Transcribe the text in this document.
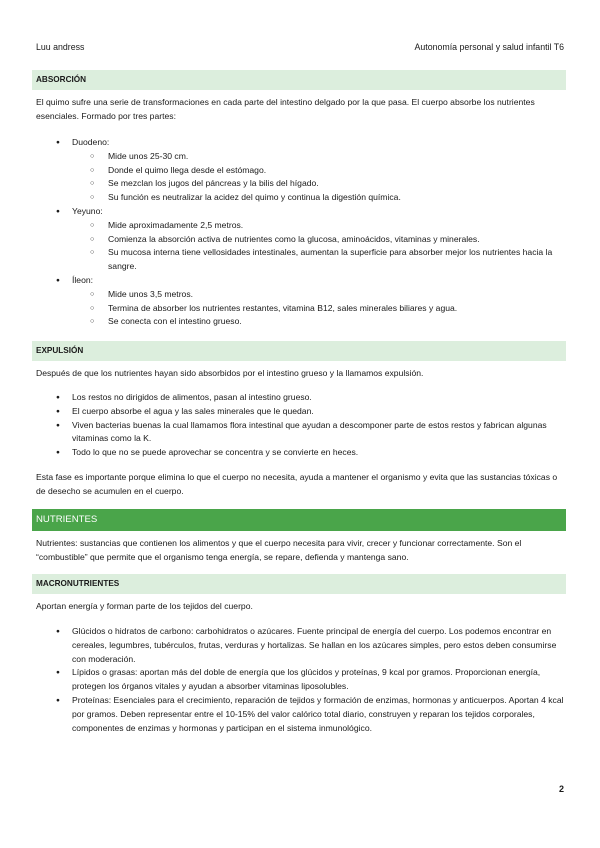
Luu andress	Autonomía personal y salud infantil T6
ABSORCIÓN
El quimo sufre una serie de transformaciones en cada parte del intestino delgado por la que pasa. El cuerpo absorbe los nutrientes esenciales. Formado por tres partes:
● Duodeno:
○ Mide unos 25-30 cm.
○ Donde el quimo llega desde el estómago.
○ Se mezclan los jugos del páncreas y la bilis del hígado.
○ Su función es neutralizar la acidez del quimo y continua la digestión química.
● Yeyuno:
○ Mide aproximadamente 2,5 metros.
○ Comienza la absorción activa de nutrientes como la glucosa, aminoácidos, vitaminas y minerales.
○ Su mucosa interna tiene vellosidades intestinales, aumentan la superficie para absorber mejor los nutrientes hacia la sangre.
● Íleon:
○ Mide unos 3,5 metros.
○ Termina de absorber los nutrientes restantes, vitamina B12, sales minerales biliares y agua.
○ Se conecta con el intestino grueso.
EXPULSIÓN
Después de que los nutrientes hayan sido absorbidos por el intestino grueso y la llamamos expulsión.
● Los restos no dirigidos de alimentos, pasan al intestino grueso.
● El cuerpo absorbe el agua y las sales minerales que le quedan.
● Viven bacterias buenas la cual llamamos flora intestinal que ayudan a descomponer parte de estos restos y fabrican algunas vitaminas como la K.
● Todo lo que no se puede aprovechar se concentra y se convierte en heces.
Esta fase es importante porque elimina lo que el cuerpo no necesita, ayuda a mantener el organismo y evita que las sustancias tóxicas o de desecho se acumulen en el cuerpo.
NUTRIENTES
Nutrientes: sustancias que contienen los alimentos y que el cuerpo necesita para vivir, crecer y funcionar correctamente. Son el “combustible” que permite que el organismo tenga energía, se repare, defienda y mantenga sano.
MACRONUTRIENTES
Aportan energía y forman parte de los tejidos del cuerpo.
● Glúcidos o hidratos de carbono: carbohidratos o azúcares. Fuente principal de energía del cuerpo. Los podemos encontrar en cereales, legumbres, tubérculos, frutas, verduras y hortalizas. Se hallan en los azúcares simples, pero estos deben consumirse con moderación.
● Lípidos o grasas: aportan más del doble de energía que los glúcidos y proteínas, 9 kcal por gramos. Proporcionan energía, protegen los órganos vitales y ayudan a absorber vitaminas liposolubles.
● Proteínas: Esenciales para el crecimiento, reparación de tejidos y formación de enzimas, hormonas y anticuerpos. Aportan 4 kcal por gramos. Deben representar entre el 10-15% del valor calórico total diario, construyen y reparan los tejidos corporales, componentes de enzimas y hormonas y participan en el sistema inmunológico.
2
